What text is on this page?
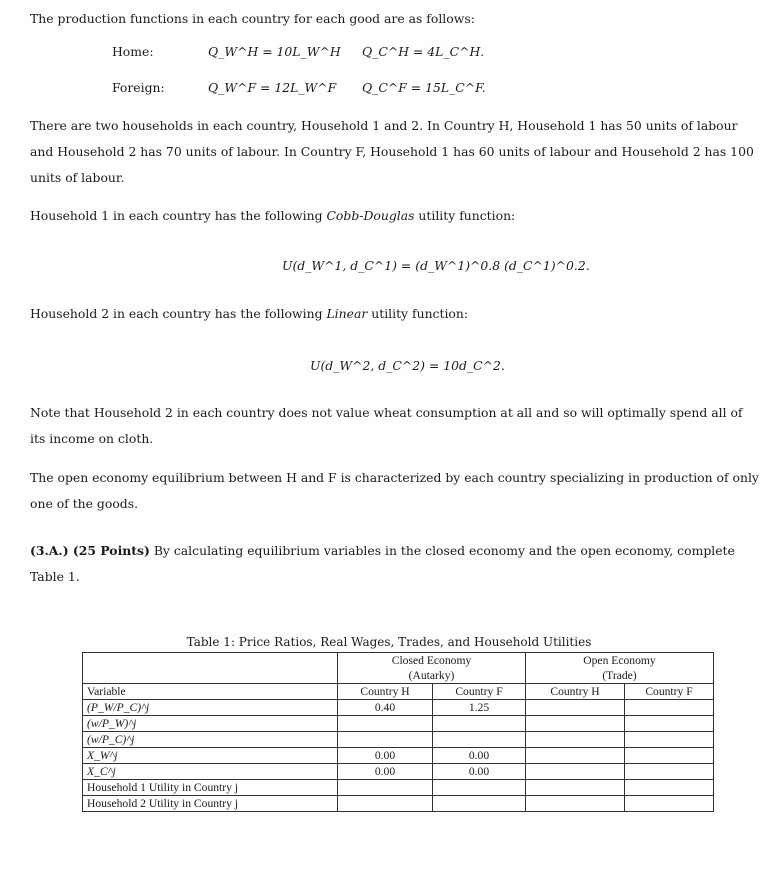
The production functions in each country for each good are as follows:

Home:	Q_W^H = 10L_W^H Q_C^H = 4L_C^H.
Foreign:	Q_W^F = 12L_W^F Q_C^F = 15L_C^F.

There are two households in each country, Household 1 and 2. In Country H, Household 1 has 50 units of labour and Household 2 has 70 units of labour. In Country F, Household 1 has 60 units of labour and Household 2 has 100 units of labour.

Household 1 in each country has the following Cobb-Douglas utility function:

U(d_W^1, d_C^1) = (d_W^1)^0.8 (d_C^1)^0.2.

Household 2 in each country has the following Linear utility function:

U(d_W^2, d_C^2) = 10d_C^2.

Note that Household 2 in each country does not value wheat consumption at all and so will optimally spend all of its income on cloth.

The open economy equilibrium between H and F is characterized by each country specializing in production of only one of the goods.

(3.A.) (25 Points) By calculating equilibrium variables in the closed economy and the open economy, complete Table 1.

Table 1: Price Ratios, Real Wages, Trades, and Household Utilities
	Closed Economy		Open Economy	
	(Autarky)		(Trade)	
Variable	Country H	Country F	Country H	Country F
(P_W/P_C)^j	0.40	1.25		
(w/P_W)^j				
(w/P_C)^j				
X_W^j	0.00	0.00		
X_C^j	0.00	0.00		
Household 1 Utility in Country j				
Household 2 Utility in Country j				
